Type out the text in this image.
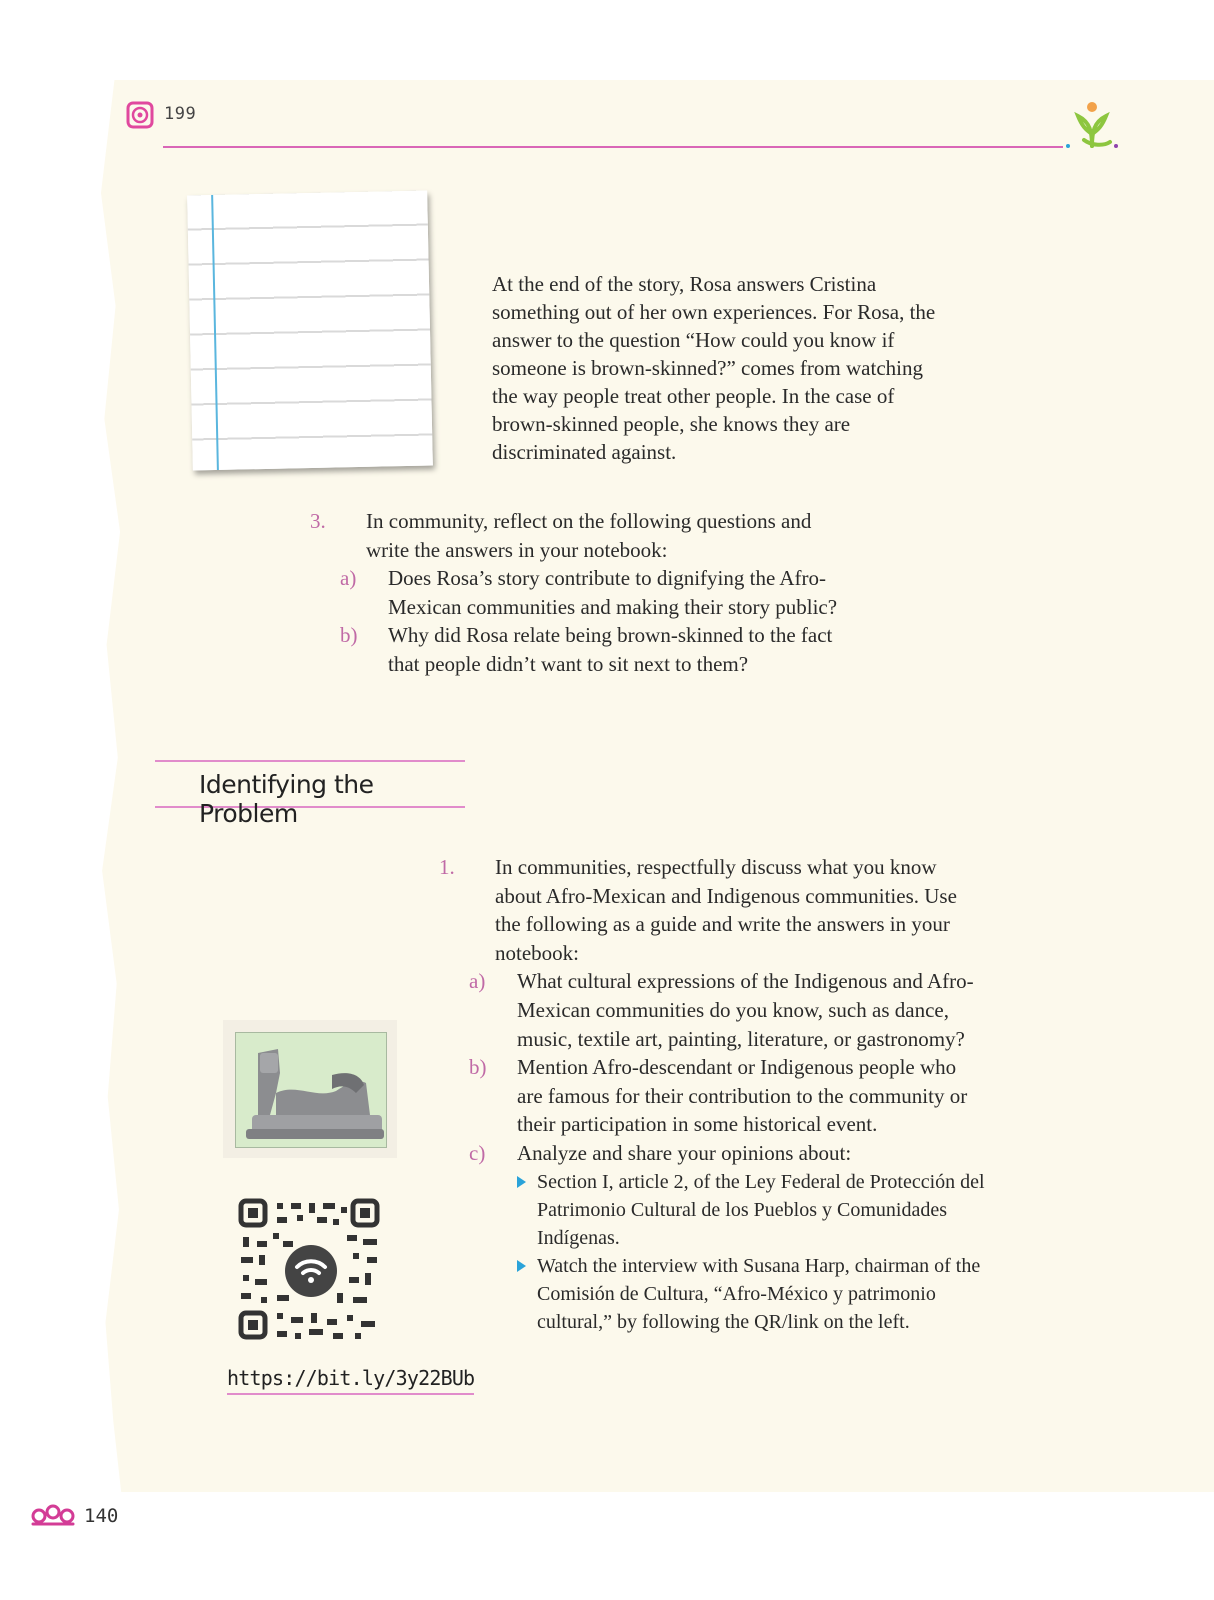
199

At the end of the story, Rosa answers Cristina something out of her own experiences. For Rosa, the answer to the question “How could you know if someone is brown-skinned?” comes from watching the way people treat other people. In the case of brown-skinned people, she knows they are discriminated against.

3. In community, reflect on the following questions and write the answers in your notebook:
a) Does Rosa’s story contribute to dignifying the Afro-Mexican communities and making their story public?
b) Why did Rosa relate being brown-skinned to the fact that people didn’t want to sit next to them?
Identifying the Problem
1. In communities, respectfully discuss what you know about Afro-Mexican and Indigenous communities. Use the following as a guide and write the answers in your notebook:
a) What cultural expressions of the Indigenous and Afro-Mexican communities do you know, such as dance, music, textile art, painting, literature, or gastronomy?
b) Mention Afro-descendant or Indigenous people who are famous for their contribution to the community or their participation in some historical event.
c) Analyze and share your opinions about:
Section I, article 2, of the Ley Federal de Protección del Patrimonio Cultural de los Pueblos y Comunidades Indígenas.
Watch the interview with Susana Harp, chairman of the Comisión de Cultura, “Afro-México y patrimonio cultural,” by following the QR/link on the left.
https://bit.ly/3y22BUb
140
